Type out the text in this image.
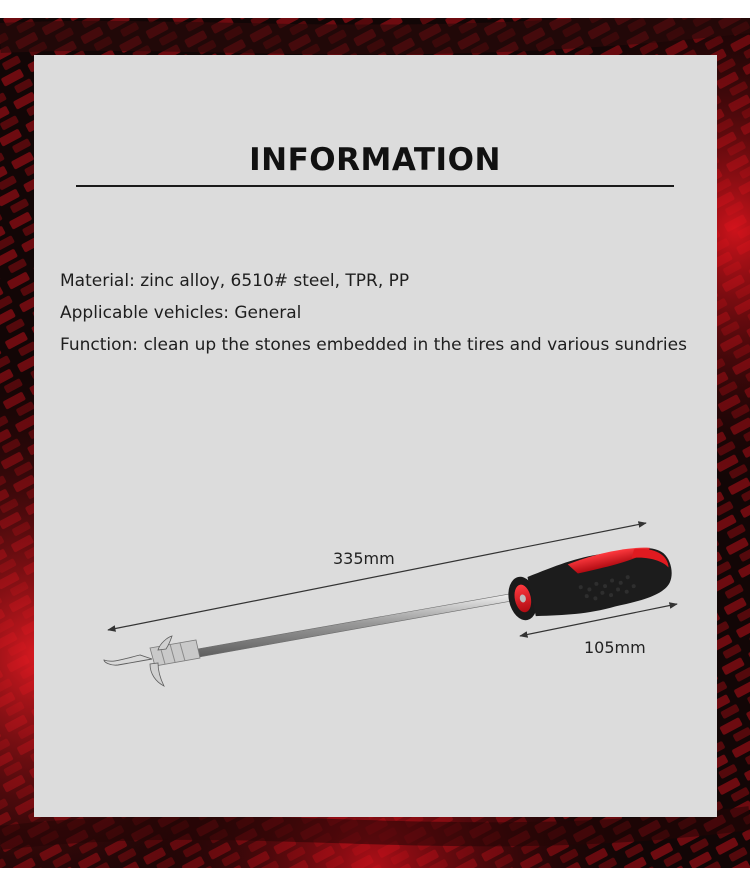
INFORMATION
Material: zinc alloy, 6510# steel, TPR, PP
Applicable vehicles: General
Function: clean up the stones embedded in the tires and various sundries
335mm
105mm
